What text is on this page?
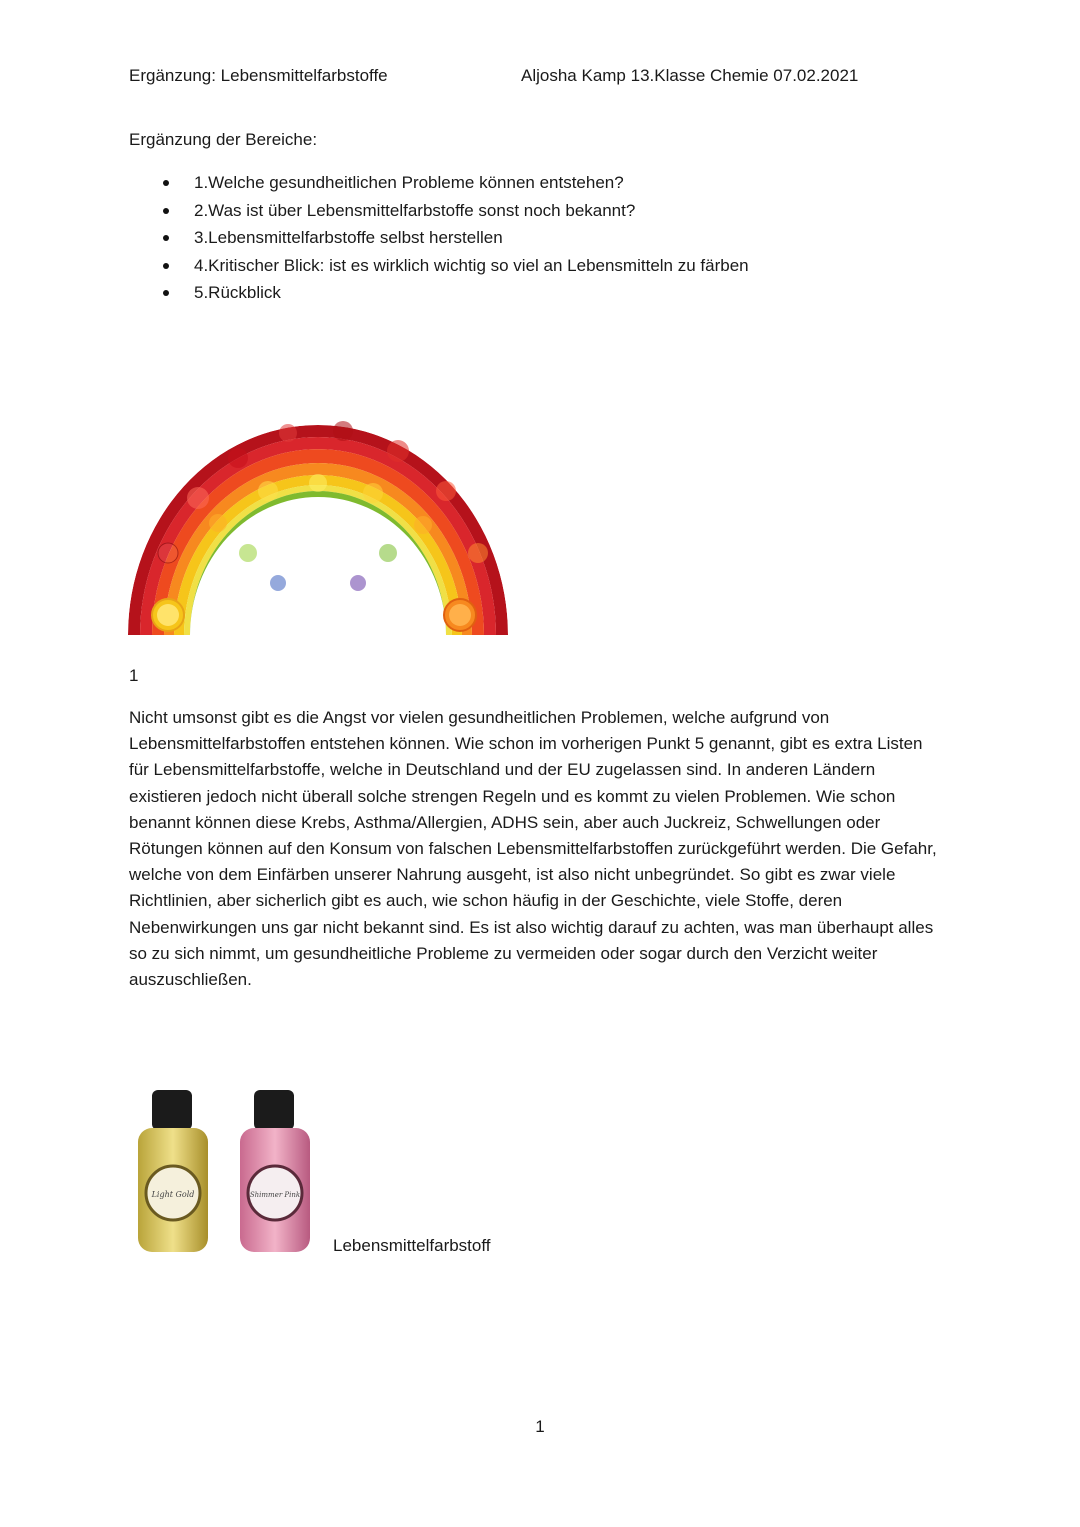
Ergänzung: Lebensmittelfarbstoffe	Aljosha Kamp 13.Klasse Chemie 07.02.2021
Ergänzung der Bereiche:
1.Welche gesundheitlichen Probleme können entstehen?
2.Was ist über Lebensmittelfarbstoffe sonst noch bekannt?
3.Lebensmittelfarbstoffe selbst herstellen
4.Kritischer Blick: ist es wirklich wichtig so viel an Lebensmitteln zu färben
5.Rückblick
1

Nicht umsonst gibt es die Angst vor vielen gesundheitlichen Problemen, welche aufgrund von Lebensmittelfarbstoffen entstehen können. Wie schon im vorherigen Punkt 5 genannt, gibt es extra Listen für Lebensmittelfarbstoffe, welche in Deutschland und der EU zugelassen sind. In anderen Ländern existieren jedoch nicht überall solche strengen Regeln und es kommt zu vielen Problemen. Wie schon benannt können diese Krebs, Asthma/Allergien, ADHS sein, aber auch Juckreiz, Schwellungen oder Rötungen können auf den Konsum von falschen Lebensmittelfarbstoffen zurückgeführt werden. Die Gefahr, welche von dem Einfärben unserer Nahrung ausgeht, ist also nicht unbegründet. So gibt es zwar viele Richtlinien, aber sicherlich gibt es auch, wie schon häufig in der Geschichte, viele Stoffe, deren Nebenwirkungen uns gar nicht bekannt sind. Es ist also wichtig darauf zu achten, was man überhaupt alles so zu sich nimmt, um gesundheitliche Probleme zu vermeiden oder sogar durch den Verzicht weiter auszuschließen.

Light Gold	Shimmer Pink
Lebensmittelfarbstoff
1
